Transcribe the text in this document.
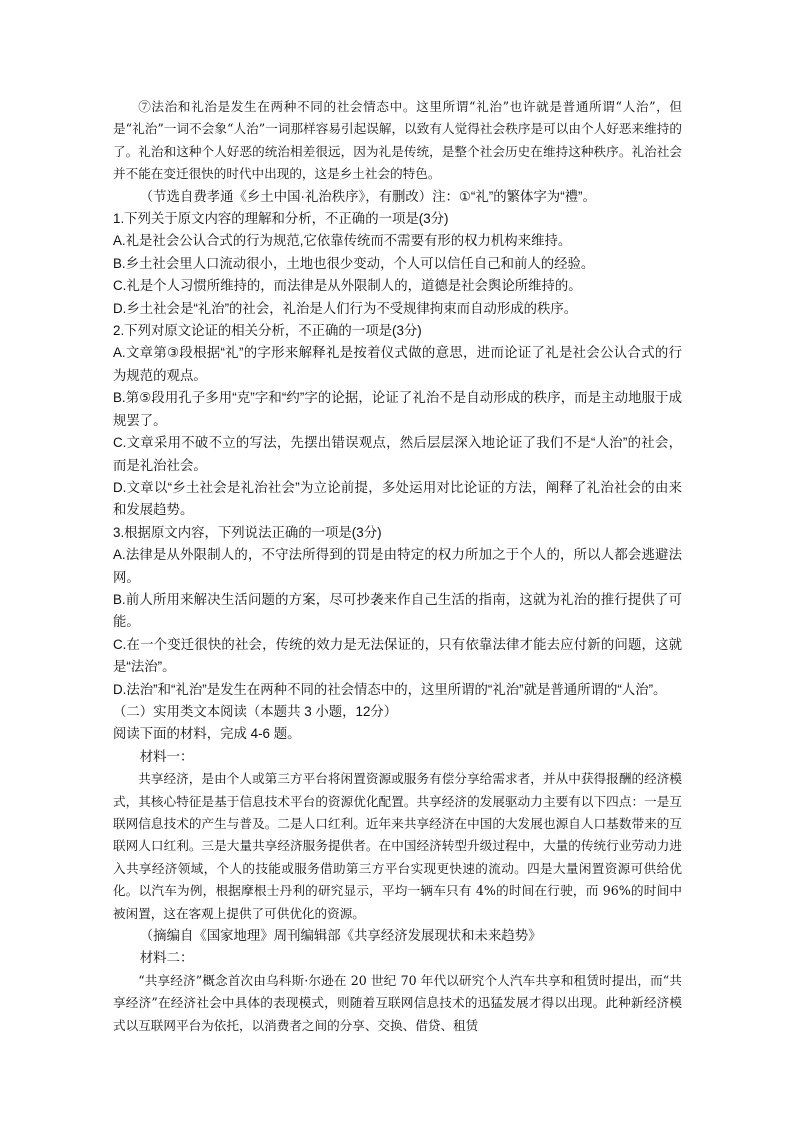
⑦法治和礼治是发生在两种不同的社会情态中。这里所谓“礼治”也许就是普通所谓“人治”，但是“礼治”一词不会象“人治”一词那样容易引起误解，以致有人觉得社会秩序是可以由个人好恶来维持的了。礼治和这种个人好恶的统治相差很远，因为礼是传统，是整个社会历史在维持这种秩序。礼治社会并不能在变迁很快的时代中出现的，这是乡土社会的特色。

（节选自费孝通《乡土中国·礼治秩序》，有删改）注：①“礼”的繁体字为“禮”。

1.下列关于原文内容的理解和分析，不正确的一项是(3分)

A.礼是社会公认合式的行为规范,它依靠传统而不需要有形的权力机构来维持。

B.乡土社会里人口流动很小，土地也很少变动，个人可以信任自己和前人的经验。

C.礼是个人习惯所维持的，而法律是从外限制人的，道德是社会舆论所维持的。

D.乡土社会是“礼治”的社会，礼治是人们行为不受规律拘束而自动形成的秩序。

2.下列对原文论证的相关分析，不正确的一项是(3分)

A.文章第③段根据“礼”的字形来解释礼是按着仪式做的意思，进而论证了礼是社会公认合式的行为规范的观点。

B.第⑤段用孔子多用“克”字和“约”字的论据，论证了礼治不是自动形成的秩序，而是主动地服于成规罢了。

C.文章采用不破不立的写法，先摆出错误观点，然后层层深入地论证了我们不是“人治”的社会，而是礼治社会。

D.文章以“乡土社会是礼治社会”为立论前提，多处运用对比论证的方法，阐释了礼治社会的由来和发展趋势。

3.根据原文内容，下列说法正确的一项是(3分)

A.法律是从外限制人的，不守法所得到的罚是由特定的权力所加之于个人的，所以人都会逃避法网。

B.前人所用来解决生活问题的方案，尽可抄袭来作自己生活的指南，这就为礼治的推行提供了可能。

C.在一个变迁很快的社会，传统的效力是无法保证的，只有依靠法律才能去应付新的问题，这就是“法治”。

D.法治”和“礼治”是发生在两种不同的社会情态中的，这里所谓的“礼治”就是普通所谓的“人治”。

（二）实用类文本阅读（本题共 3 小题，12分）

阅读下面的材料，完成 4-6 题。

材料一：

共享经济，是由个人或第三方平台将闲置资源或服务有偿分享给需求者，并从中获得报酬的经济模式，其核心特征是基于信息技术平台的资源优化配置。共享经济的发展驱动力主要有以下四点：一是互联网信息技术的产生与普及。二是人口红利。近年来共享经济在中国的大发展也源自人口基数带来的互联网人口红利。三是大量共享经济服务提供者。在中国经济转型升级过程中，大量的传统行业劳动力进入共享经济领域，个人的技能或服务借助第三方平台实现更快速的流动。四是大量闲置资源可供给优化。以汽车为例，根据摩根士丹利的研究显示，平均一辆车只有 4%的时间在行驶，而 96%的时间中被闲置，这在客观上提供了可供优化的资源。

（摘编自《国家地理》周刊编辑部《共享经济发展现状和未来趋势》

材料二：

“共享经济”概念首次由乌科斯·尔逊在 20 世纪 70 年代以研究个人汽车共享和租赁时提出，而“共享经济”在经济社会中具体的表现模式，则随着互联网信息技术的迅猛发展才得以出现。此种新经济模式以互联网平台为依托，以消费者之间的分享、交换、借贷、租赁
